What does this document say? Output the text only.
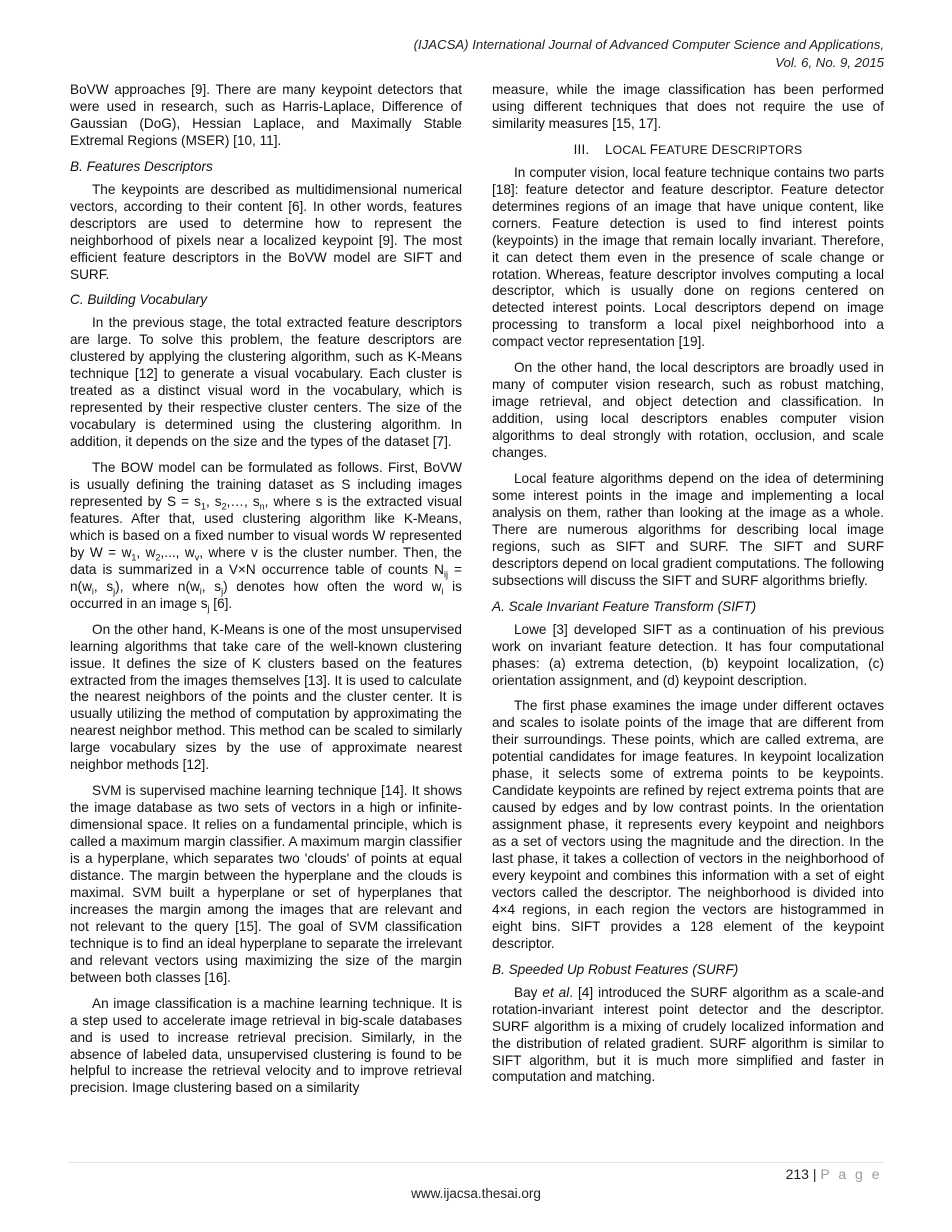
(IJACSA) International Journal of Advanced Computer Science and Applications,
Vol. 6, No. 9, 2015

BoVW approaches [9]. There are many keypoint detectors that were used in research, such as Harris-Laplace, Difference of Gaussian (DoG), Hessian Laplace, and Maximally Stable Extremal Regions (MSER) [10, 11].

B. Features Descriptors

The keypoints are described as multidimensional numerical vectors, according to their content [6]. In other words, features descriptors are used to determine how to represent the neighborhood of pixels near a localized keypoint [9]. The most efficient feature descriptors in the BoVW model are SIFT and SURF.

C. Building Vocabulary

In the previous stage, the total extracted feature descriptors are large. To solve this problem, the feature descriptors are clustered by applying the clustering algorithm, such as K-Means technique [12] to generate a visual vocabulary. Each cluster is treated as a distinct visual word in the vocabulary, which is represented by their respective cluster centers. The size of the vocabulary is determined using the clustering algorithm. In addition, it depends on the size and the types of the dataset [7].

The BOW model can be formulated as follows. First, BoVW is usually defining the training dataset as S including images represented by $S = s_1$, $s_2,\dots$, $s_n$, where s is the extracted visual features. After that, used clustering algorithm like K-Means, which is based on a fixed number to visual words W represented by $W = w_1$, $w_2$,..., $w_v$, where v is the cluster number. Then, the data is summarized in a V×N occurrence table of counts $N_{ij} = n(w_i$, $s_j$), where $n(w_i$, $s_j$) denotes how often the word $w_i$ is occurred in an image $s_j$ [6].

On the other hand, K-Means is one of the most unsupervised learning algorithms that take care of the well-known clustering issue. It defines the size of K clusters based on the features extracted from the images themselves [13]. It is used to calculate the nearest neighbors of the points and the cluster center. It is usually utilizing the method of computation by approximating the nearest neighbor method. This method can be scaled to similarly large vocabulary sizes by the use of approximate nearest neighbor methods [12].

SVM is supervised machine learning technique [14]. It shows the image database as two sets of vectors in a high or infinite-dimensional space. It relies on a fundamental principle, which is called a maximum margin classifier. A maximum margin classifier is a hyperplane, which separates two 'clouds' of points at equal distance. The margin between the hyperplane and the clouds is maximal. SVM built a hyperplane or set of hyperplanes that increases the margin among the images that are relevant and not relevant to the query [15]. The goal of SVM classification technique is to find an ideal hyperplane to separate the irrelevant and relevant vectors using maximizing the size of the margin between both classes [16].

An image classification is a machine learning technique. It is a step used to accelerate image retrieval in big-scale databases and is used to increase retrieval precision. Similarly, in the absence of labeled data, unsupervised clustering is found to be helpful to increase the retrieval velocity and to improve retrieval precision. Image clustering based on a similarity

measure, while the image classification has been performed using different techniques that does not require the use of similarity measures [15, 17].

III. LOCAL FEATURE DESCRIPTORS

In computer vision, local feature technique contains two parts [18]: feature detector and feature descriptor. Feature detector determines regions of an image that have unique content, like corners. Feature detection is used to find interest points (keypoints) in the image that remain locally invariant. Therefore, it can detect them even in the presence of scale change or rotation. Whereas, feature descriptor involves computing a local descriptor, which is usually done on regions centered on detected interest points. Local descriptors depend on image processing to transform a local pixel neighborhood into a compact vector representation [19].

On the other hand, the local descriptors are broadly used in many of computer vision research, such as robust matching, image retrieval, and object detection and classification. In addition, using local descriptors enables computer vision algorithms to deal strongly with rotation, occlusion, and scale changes.

Local feature algorithms depend on the idea of determining some interest points in the image and implementing a local analysis on them, rather than looking at the image as a whole. There are numerous algorithms for describing local image regions, such as SIFT and SURF. The SIFT and SURF descriptors depend on local gradient computations. The following subsections will discuss the SIFT and SURF algorithms briefly.

A. Scale Invariant Feature Transform (SIFT)

Lowe [3] developed SIFT as a continuation of his previous work on invariant feature detection. It has four computational phases: (a) extrema detection, (b) keypoint localization, (c) orientation assignment, and (d) keypoint description.

The first phase examines the image under different octaves and scales to isolate points of the image that are different from their surroundings. These points, which are called extrema, are potential candidates for image features. In keypoint localization phase, it selects some of extrema points to be keypoints. Candidate keypoints are refined by reject extrema points that are caused by edges and by low contrast points. In the orientation assignment phase, it represents every keypoint and neighbors as a set of vectors using the magnitude and the direction. In the last phase, it takes a collection of vectors in the neighborhood of every keypoint and combines this information with a set of eight vectors called the descriptor. The neighborhood is divided into 4×4 regions, in each region the vectors are histogrammed in eight bins. SIFT provides a 128 element of the keypoint descriptor.

B. Speeded Up Robust Features (SURF)

Bay et al. [4] introduced the SURF algorithm as a scale-and rotation-invariant interest point detector and the descriptor. SURF algorithm is a mixing of crudely localized information and the distribution of related gradient. SURF algorithm is similar to SIFT algorithm, but it is much more simplified and faster in computation and matching.

213 | P a g e
www.ijacsa.thesai.org
